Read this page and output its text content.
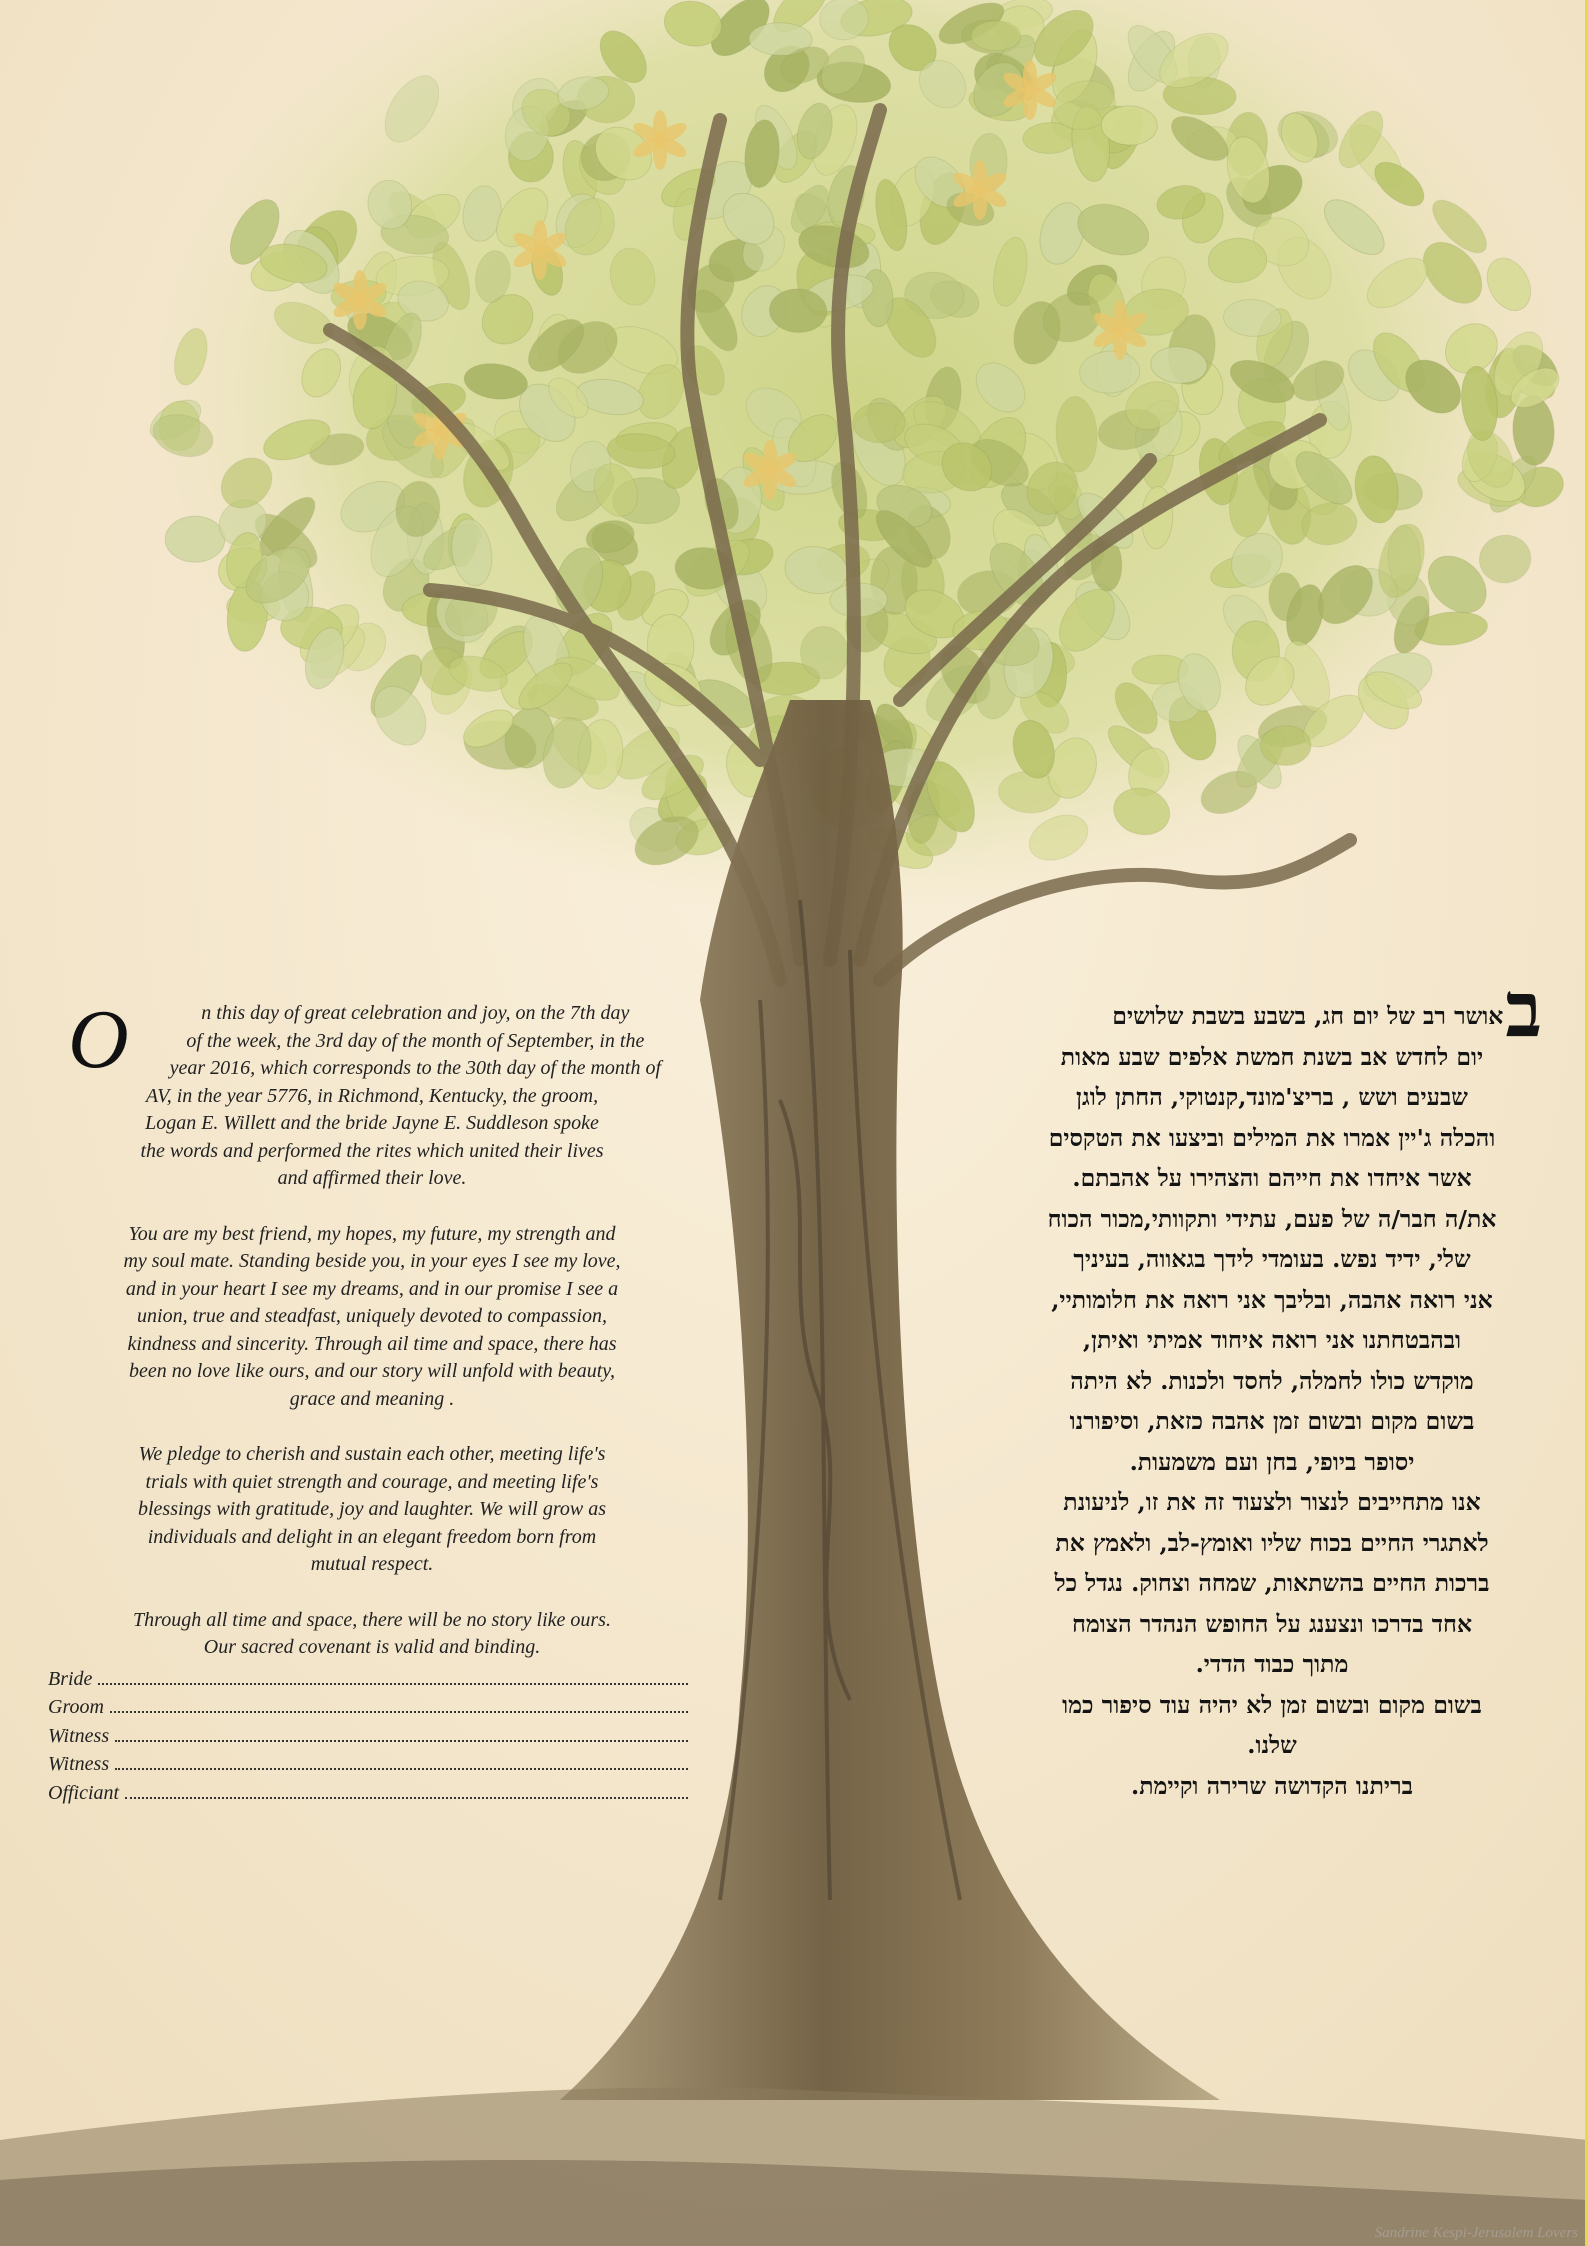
O	n this day of great celebration and joy, on the 7th day
of the week, the 3rd day of the month of September, in the
year 2016, which corresponds to the 30th day of the month of
AV, in the year 5776, in Richmond, Kentucky, the groom,
Logan E. Willett and the bride Jayne E. Suddleson spoke
the words and performed the rites which united their lives
and affirmed their love.

You are my best friend, my hopes, my future, my strength and
my soul mate. Standing beside you, in your eyes I see my love,
and in your heart I see my dreams, and in our promise I see a
union, true and steadfast, uniquely devoted to compassion,
kindness and sincerity. Through ail time and space, there has
been no love like ours, and our story will unfold with beauty,
grace and meaning .

We pledge to cherish and sustain each other, meeting life's
trials with quiet strength and courage, and meeting life's
blessings with gratitude, joy and laughter. We will grow as
individuals and delight in an elegant freedom born from
mutual respect.

Through all time and space, there will be no story like ours.
Our sacred covenant is valid and binding.

Bride
Groom
Witness
Witness
Officiant
באושר רב של יום חג, בשבע בשבת שלושים
יום לחדש אב בשנת חמשת אלפים שבע מאות
שבעים ושש , בריצ'מונד,קנטוקי, החתן לוגן
והכלה ג'יין אמרו את המילים וביצעו את הטקסים
אשר איחדו את חייהם והצהירו על אהבתם.
את/ה חבר/ה של פעם, עתידי ותקוותי,מכור הכוח
שלי, ידיד נפש. בעומדי לידך בגאווה, בעיניך
אני רואה אהבה, ובליבך אני רואה את חלומותיי,
ובהבטחתנו אני רואה איחוד אמיתי ואיתן,
מוקדש כולו לחמלה, לחסד ולכנות. לא היתה
בשום מקום ובשום זמן אהבה כזאת, וסיפורנו
יסופר ביופי, בחן ועם משמעות.
אנו מתחייבים לנצור ולצעוד זה את זו, לניעונת
לאתגרי החיים בכוח שליו ואומץ-לב, ולאמץ את
ברכות החיים בהשתאות, שמחה וצחוק. נגדל כל
אחד בדרכו ונצענג על החופש הנהדר הצומח
מתוך כבוד הדדי.
בשום מקום ובשום זמן לא יהיה עוד סיפור כמו
שלנו.
בריתנו הקדושה שרירה וקיימת.
Sandrine Kespi-Jerusalem Lovers
